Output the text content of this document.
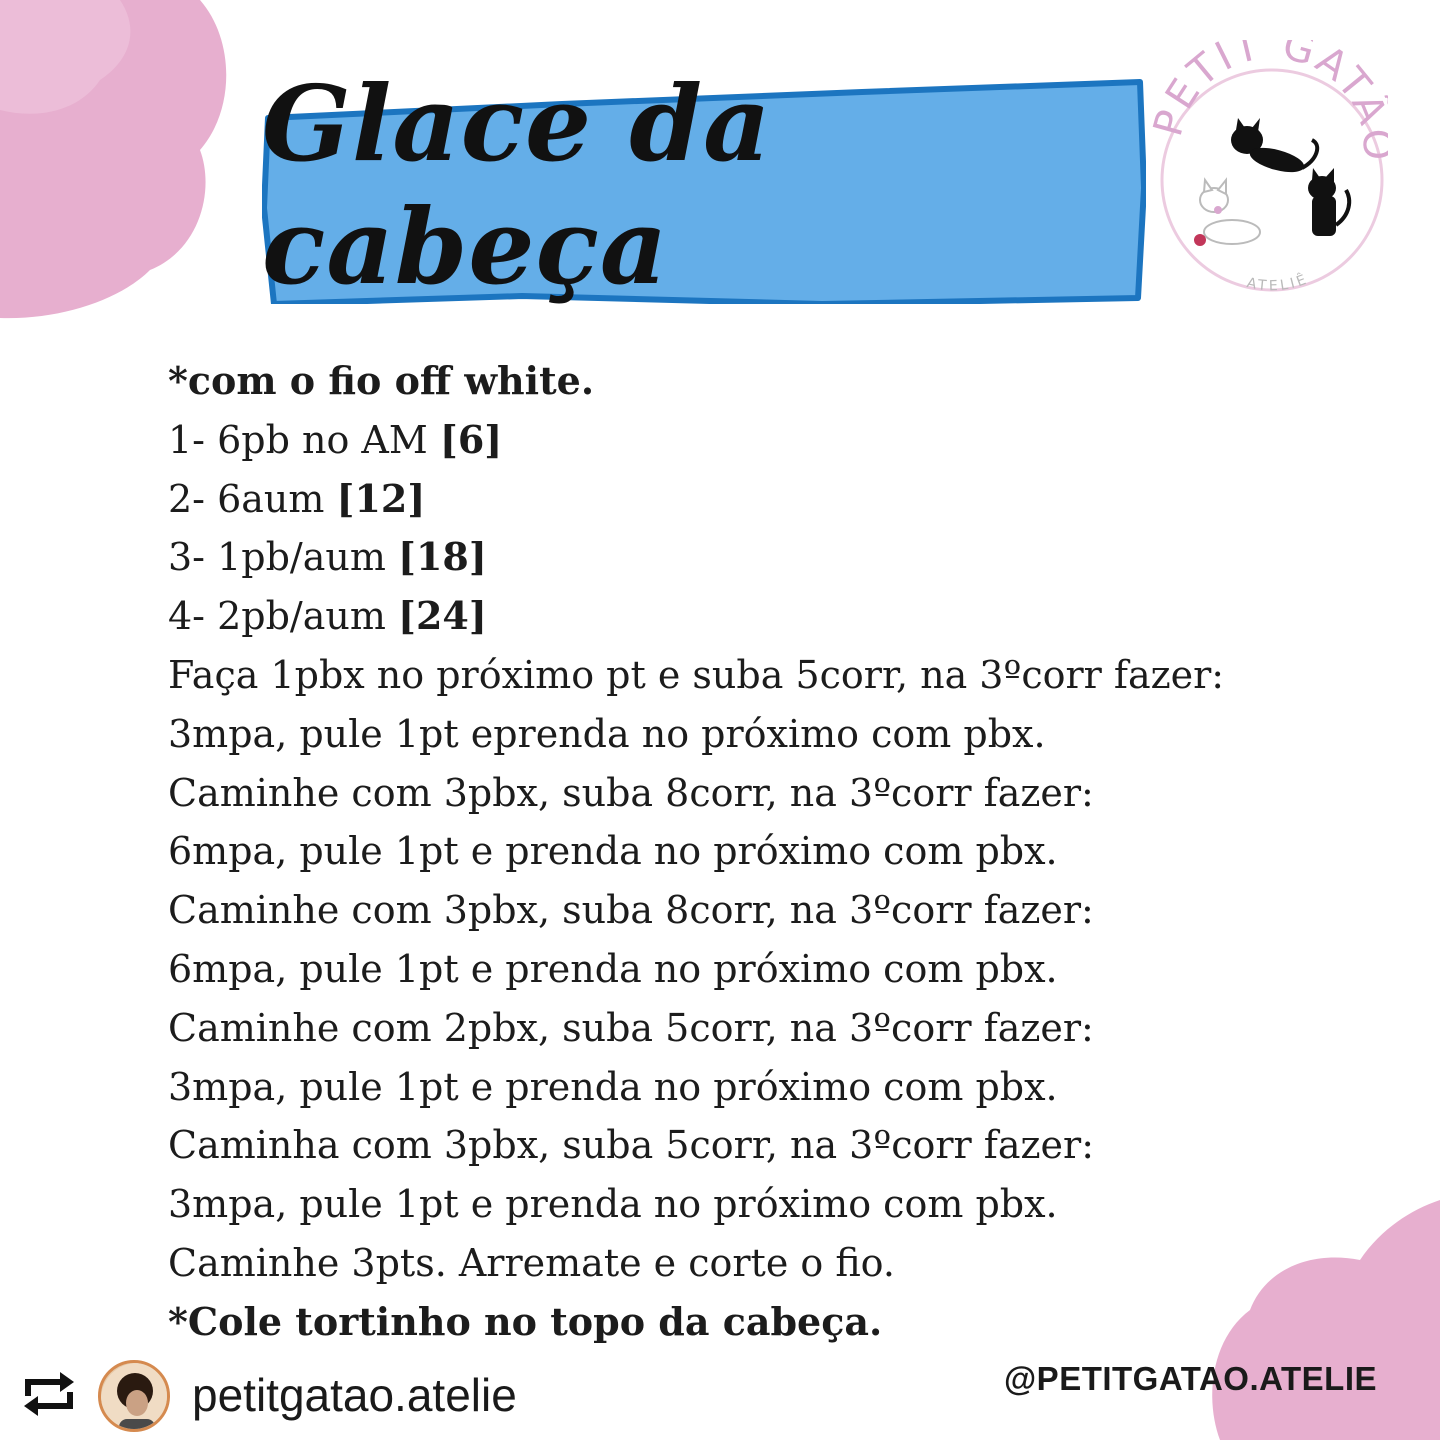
Glace da cabeça
ETIT GAT
ATELIÊ

*com o fio off white.

1- 6pb no AM [6]

2- 6aum [12]

3- 1pb/aum [18]

4- 2pb/aum [24]

Faça 1pbx no próximo pt e suba 5corr, na 3ºcorr fazer:

3mpa, pule 1pt eprenda no próximo com pbx.

Caminhe com 3pbx, suba 8corr, na 3ºcorr fazer:

6mpa, pule 1pt e prenda no próximo com pbx.

Caminhe com 3pbx, suba 8corr, na 3ºcorr fazer:

6mpa, pule 1pt e prenda no próximo com pbx.

Caminhe com 2pbx, suba 5corr, na 3ºcorr fazer:

3mpa, pule 1pt e prenda no próximo com pbx.

Caminha com 3pbx, suba 5corr, na 3ºcorr fazer:

3mpa, pule 1pt e prenda no próximo com pbx.

Caminhe 3pts. Arremate e corte o fio.

*Cole tortinho no topo da cabeça.

petitgatao.atelie	@PETITGATAO.ATELIE
